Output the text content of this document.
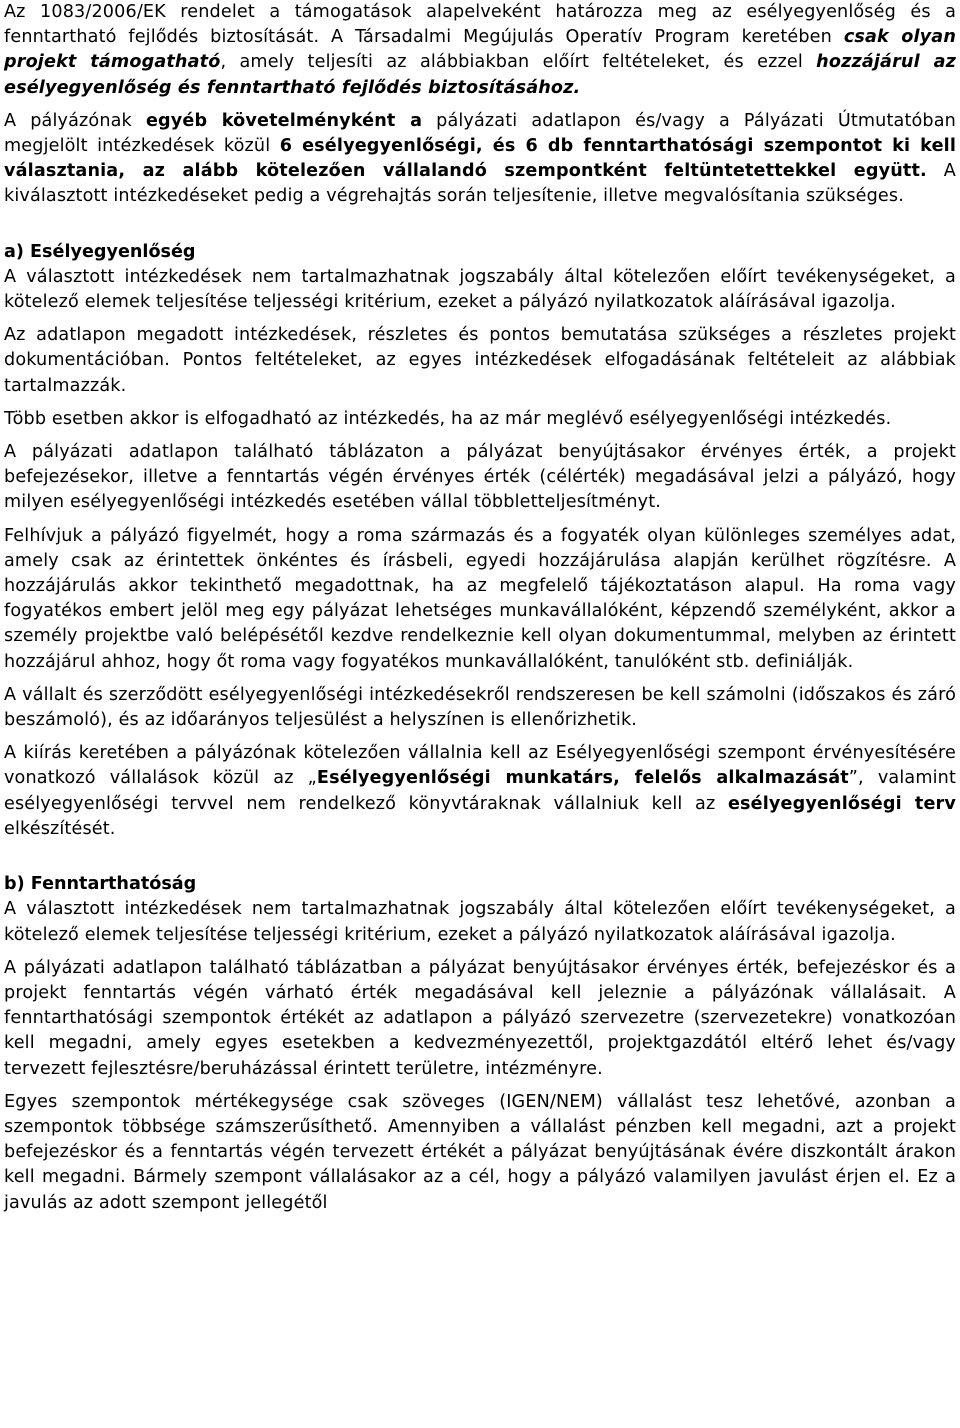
Az 1083/2006/EK rendelet a támogatások alapelveként határozza meg az esélyegyenlőség és a fenntartható fejlődés biztosítását. A Társadalmi Megújulás Operatív Program keretében csak olyan projekt támogatható, amely teljesíti az alábbiakban előírt feltételeket, és ezzel hozzájárul az esélyegyenlőség és fenntartható fejlődés biztosításához.

A pályázónak egyéb követelményként a pályázati adatlapon és/vagy a Pályázati Útmutatóban megjelölt intézkedések közül 6 esélyegyenlőségi, és 6 db fenntarthatósági szempontot ki kell választania, az alább kötelezően vállalandó szempontként feltüntetettekkel együtt. A kiválasztott intézkedéseket pedig a végrehajtás során teljesítenie, illetve megvalósítania szükséges.

a) Esélyegyenlőség

A választott intézkedések nem tartalmazhatnak jogszabály által kötelezően előírt tevékenységeket, a kötelező elemek teljesítése teljességi kritérium, ezeket a pályázó nyilatkozatok aláírásával igazolja.

Az adatlapon megadott intézkedések, részletes és pontos bemutatása szükséges a részletes projekt dokumentációban. Pontos feltételeket, az egyes intézkedések elfogadásának feltételeit az alábbiak tartalmazzák.

Több esetben akkor is elfogadható az intézkedés, ha az már meglévő esélyegyenlőségi intézkedés.

A pályázati adatlapon található táblázaton a pályázat benyújtásakor érvényes érték, a projekt befejezésekor, illetve a fenntartás végén érvényes érték (célérték) megadásával jelzi a pályázó, hogy milyen esélyegyenlőségi intézkedés esetében vállal többletteljesítményt.

Felhívjuk a pályázó figyelmét, hogy a roma származás és a fogyaték olyan különleges személyes adat, amely csak az érintettek önkéntes és írásbeli, egyedi hozzájárulása alapján kerülhet rögzítésre. A hozzájárulás akkor tekinthető megadottnak, ha az megfelelő tájékoztatáson alapul. Ha roma vagy fogyatékos embert jelöl meg egy pályázat lehetséges munkavállalóként, képzendő személyként, akkor a személy projektbe való belépésétől kezdve rendelkeznie kell olyan dokumentummal, melyben az érintett hozzájárul ahhoz, hogy őt roma vagy fogyatékos munkavállalóként, tanulóként stb. definiálják.

A vállalt és szerződött esélyegyenlőségi intézkedésekről rendszeresen be kell számolni (időszakos és záró beszámoló), és az időarányos teljesülést a helyszínen is ellenőrizhetik.

A kiírás keretében a pályázónak kötelezően vállalnia kell az Esélyegyenlőségi szempont érvényesítésére vonatkozó vállalások közül az „Esélyegyenlőségi munkatárs, felelős alkalmazását”, valamint esélyegyenlőségi tervvel nem rendelkező könyvtáraknak vállalniuk kell az esélyegyenlőségi terv elkészítését.

b) Fenntarthatóság

A választott intézkedések nem tartalmazhatnak jogszabály által kötelezően előírt tevékenységeket, a kötelező elemek teljesítése teljességi kritérium, ezeket a pályázó nyilatkozatok aláírásával igazolja.

A pályázati adatlapon található táblázatban a pályázat benyújtásakor érvényes érték, befejezéskor és a projekt fenntartás végén várható érték megadásával kell jeleznie a pályázónak vállalásait. A fenntarthatósági szempontok értékét az adatlapon a pályázó szervezetre (szervezetekre) vonatkozóan kell megadni, amely egyes esetekben a kedvezményezettől, projektgazdától eltérő lehet és/vagy tervezett fejlesztésre/beruházással érintett területre, intézményre.

Egyes szempontok mértékegysége csak szöveges (IGEN/NEM) vállalást tesz lehetővé, azonban a szempontok többsége számszerűsíthető. Amennyiben a vállalást pénzben kell megadni, azt a projekt befejezéskor és a fenntartás végén tervezett értékét a pályázat benyújtásának évére diszkontált árakon kell megadni. Bármely szempont vállalásakor az a cél, hogy a pályázó valamilyen javulást érjen el. Ez a javulás az adott szempont jellegétől
